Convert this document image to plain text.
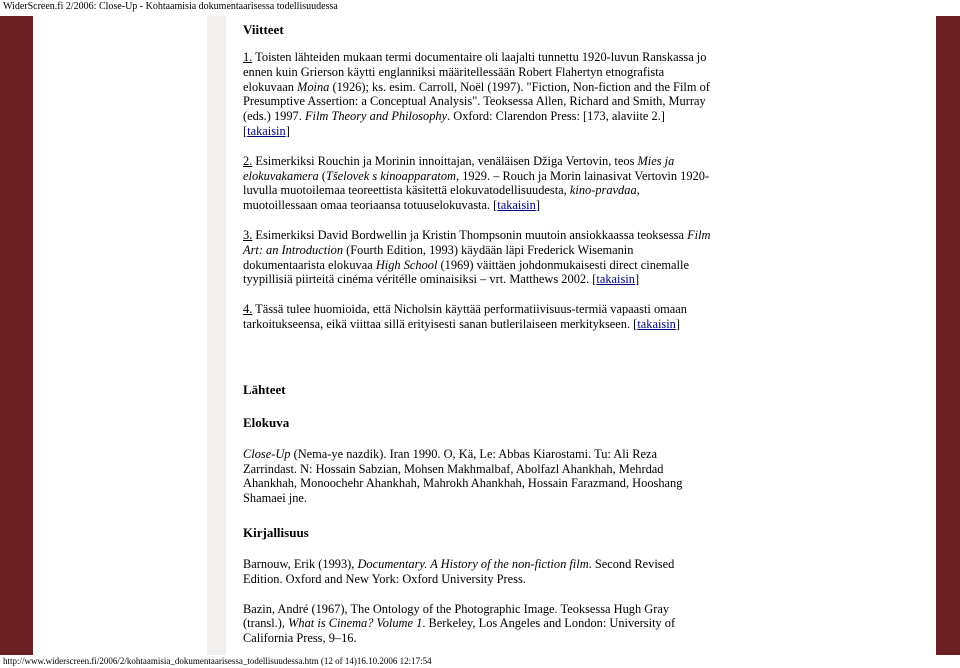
WiderScreen.fi 2/2006: Close-Up - Kohtaamisia dokumentaarisessa todellisuudessa
Viitteet

1. Toisten lähteiden mukaan termi documentaire oli laajalti tunnettu 1920-luvun Ranskassa jo ennen kuin Grierson käytti englanniksi määritellessään Robert Flahertyn etnografista elokuvaan Moina (1926); ks. esim. Carroll, Noël (1997). "Fiction, Non-fiction and the Film of Presumptive Assertion: a Conceptual Analysis". Teoksessa Allen, Richard and Smith, Murray (eds.) 1997. Film Theory and Philosophy. Oxford: Clarendon Press: [173, alaviite 2.] [takaisin]

2. Esimerkiksi Rouchin ja Morinin innoittajan, venäläisen Džiga Vertovin, teos Mies ja elokuvakamera (Tšelovek s kinoapparatom, 1929. – Rouch ja Morin lainasivat Vertovin 1920-luvulla muotoilemaa teoreettista käsitettä elokuvatodellisuudesta, kino-pravdaa, muotoillessaan omaa teoriaansa totuuselokuvasta. [takaisin]

3. Esimerkiksi David Bordwellin ja Kristin Thompsonin muutoin ansiokkaassa teoksessa Film Art: an Introduction (Fourth Edition, 1993) käydään läpi Frederick Wisemanin dokumentaarista elokuvaa High School (1969) väittäen johdonmukaisesti direct cinemalle tyypillisiä piirteitä cinéma véritélle ominaisiksi – vrt. Matthews 2002. [takaisin]

4. Tässä tulee huomioida, että Nicholsin käyttää performatiivisuus-termiä vapaasti omaan tarkoitukseensa, eikä viittaa sillä erityisesti sanan butlerilaiseen merkitykseen. [takaisin]

Lähteet
Elokuva

Close-Up (Nema-ye nazdik). Iran 1990. O, Kä, Le: Abbas Kiarostami. Tu: Ali Reza Zarrindast. N: Hossain Sabzian, Mohsen Makhmalbaf, Abolfazl Ahankhah, Mehrdad Ahankhah, Monoochehr Ahankhah, Mahrokh Ahankhah, Hossain Farazmand, Hooshang Shamaei jne.

Kirjallisuus

Barnouw, Erik (1993), Documentary. A History of the non-fiction film. Second Revised Edition. Oxford and New York: Oxford University Press.

Bazin, André (1967), The Ontology of the Photographic Image. Teoksessa Hugh Gray (transl.), What is Cinema? Volume 1. Berkeley, Los Angeles and London: University of California Press, 9–16.

http://www.widerscreen.fi/2006/2/kohtaamisia_dokumentaarisessa_todellisuudessa.htm (12 of 14)16.10.2006 12:17:54
